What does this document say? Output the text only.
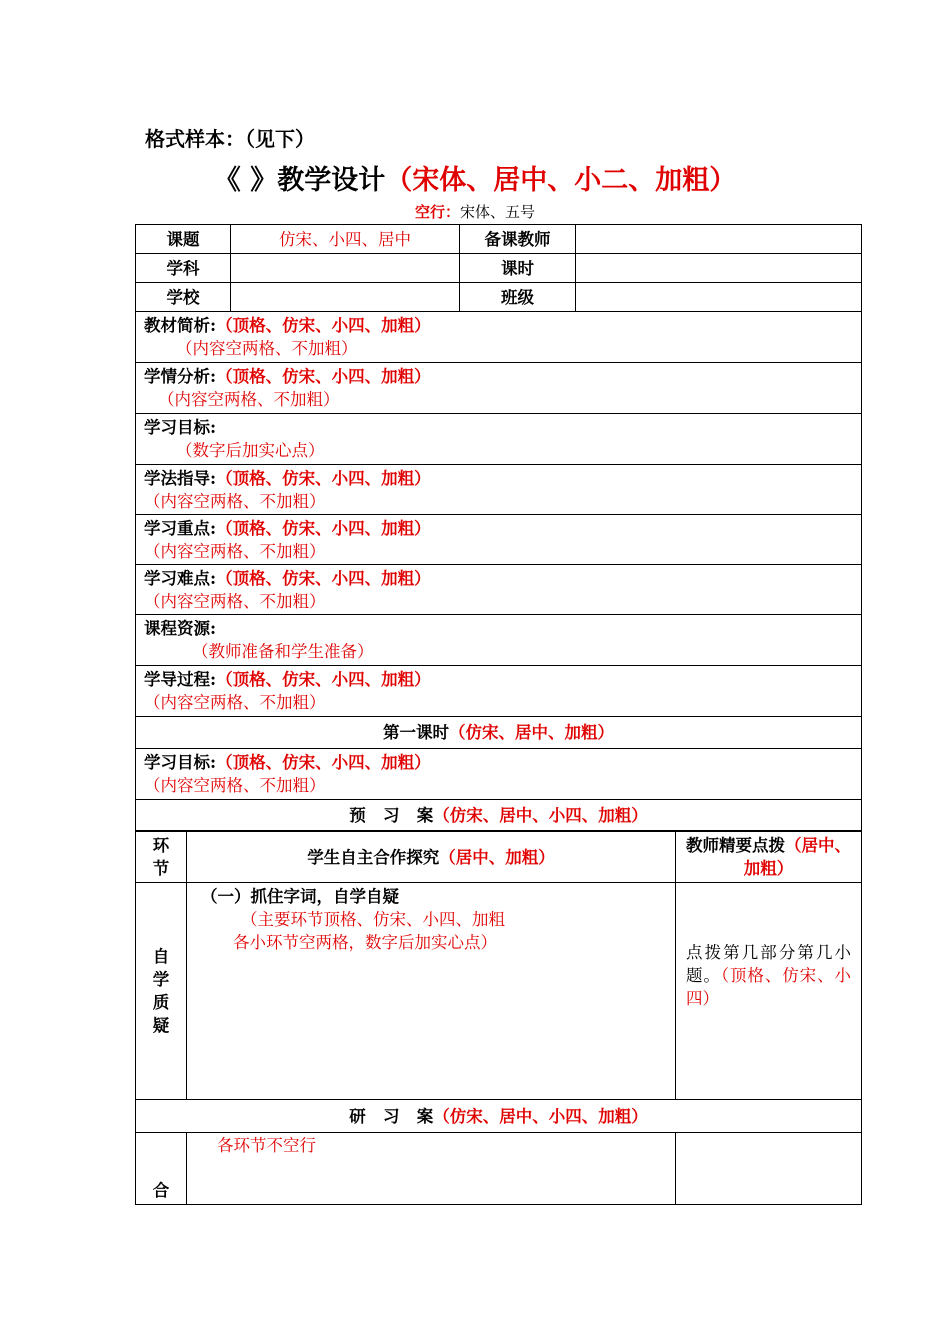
格式样本：（见下）
《 》教学设计（宋体、居中、小二、加粗）
空行：宋体、五号
课题	仿宋、小四、居中	备课教师	
学科		课时	
学校		班级	

教材简析:（顶格、仿宋、小四、加粗）
（内容空两格、不加粗）			

学情分析:（顶格、仿宋、小四、加粗）
（内容空两格、不加粗）			

学习目标:
（数字后加实心点）			

学法指导:（顶格、仿宋、小四、加粗）
（内容空两格、不加粗）			

学习重点:（顶格、仿宋、小四、加粗）
（内容空两格、不加粗）			

学习难点:（顶格、仿宋、小四、加粗）
（内容空两格、不加粗）			

课程资源:
（教师准备和学生准备）			

学导过程:（顶格、仿宋、小四、加粗）
（内容空两格、不加粗）			

第一课时（仿宋、居中、加粗）			

学习目标:（顶格、仿宋、小四、加粗）
（内容空两格、不加粗）			

预   习   案（仿宋、居中、小四、加粗）			
环节	学生自主合作探究（居中、加粗）	教师精要点拨（居中、加粗）
自学质疑	（一）抓住字词，自学自疑
（主要环节顶格、仿宋、小四、加粗
各小环节空两格，数字后加实心点）	点拨第几部分第几小题。（顶格、仿宋、小四）

研   习   案（仿宋、居中、小四、加粗）		
合	各环节不空行	
